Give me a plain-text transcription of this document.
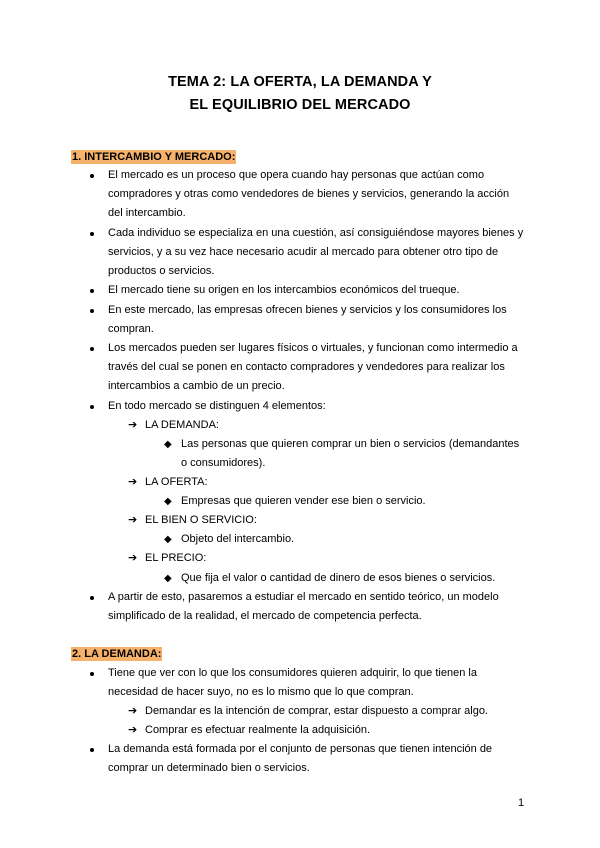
TEMA 2: LA OFERTA, LA DEMANDA Y
EL EQUILIBRIO DEL MERCADO
1. INTERCAMBIO Y MERCADO:
El mercado es un proceso que opera cuando hay personas que actúan como
compradores y otras como vendedores de bienes y servicios, generando la acción
del intercambio.
Cada individuo se especializa en una cuestión, así consiguiéndose mayores bienes y
servicios, y a su vez hace necesario acudir al mercado para obtener otro tipo de
productos o servicios.
El mercado tiene su origen en los intercambios económicos del trueque.
En este mercado, las empresas ofrecen bienes y servicios y los consumidores los
compran.
Los mercados pueden ser lugares físicos o virtuales, y funcionan como intermedio a
través del cual se ponen en contacto compradores y vendedores para realizar los
intercambios a cambio de un precio.
En todo mercado se distinguen 4 elementos:
➔ LA DEMANDA:
◆ Las personas que quieren comprar un bien o servicios (demandantes
o consumidores).
➔ LA OFERTA:
◆ Empresas que quieren vender ese bien o servicio.
➔ EL BIEN O SERVICIO:
◆ Objeto del intercambio.
➔ EL PRECIO:
◆ Que fija el valor o cantidad de dinero de esos bienes o servicios.
A partir de esto, pasaremos a estudiar el mercado en sentido teórico, un modelo
simplificado de la realidad, el mercado de competencia perfecta.
2. LA DEMANDA:
Tiene que ver con lo que los consumidores quieren adquirir, lo que tienen la
necesidad de hacer suyo, no es lo mismo que lo que compran.
➔ Demandar es la intención de comprar, estar dispuesto a comprar algo.
➔ Comprar es efectuar realmente la adquisición.
La demanda está formada por el conjunto de personas que tienen intención de
comprar un determinado bien o servicios.
1
